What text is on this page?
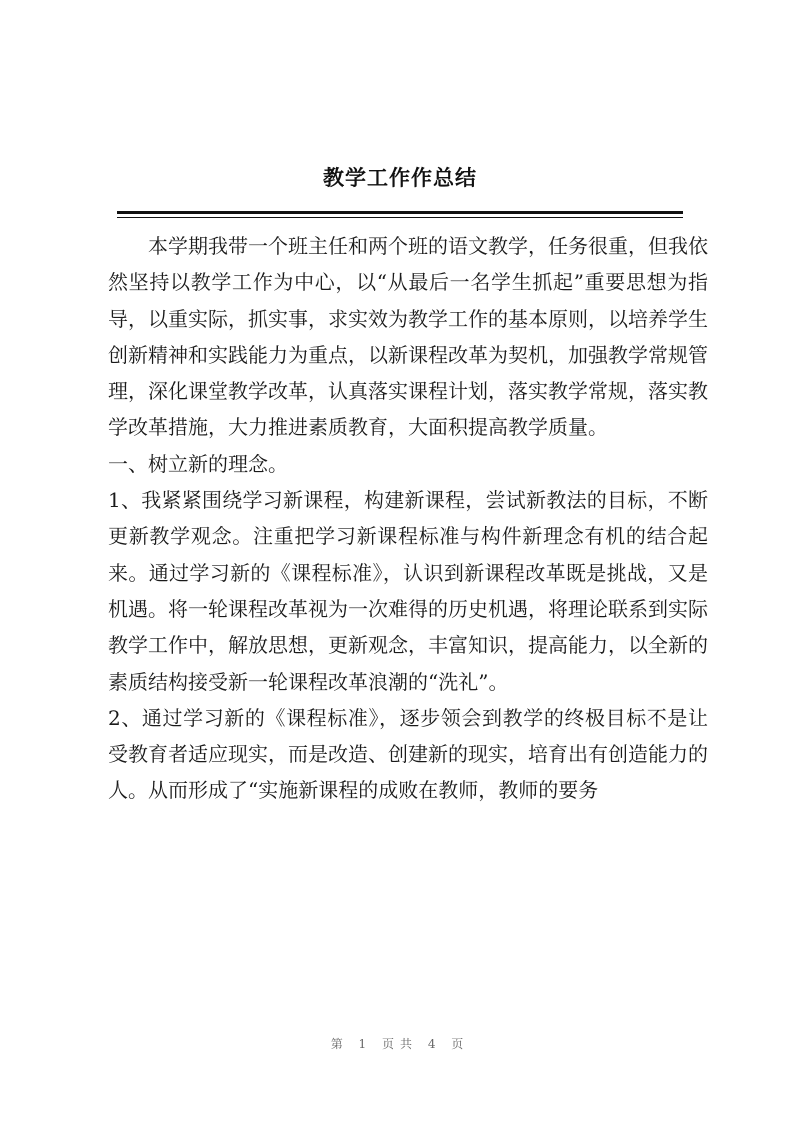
教学工作作总结

本学期我带一个班主任和两个班的语文教学，任务很重，但我依然坚持以教学工作为中心，以“从最后一名学生抓起”重要思想为指导，以重实际，抓实事，求实效为教学工作的基本原则，以培养学生创新精神和实践能力为重点，以新课程改革为契机，加强教学常规管理，深化课堂教学改革，认真落实课程计划，落实教学常规，落实教学改革措施，大力推进素质教育，大面积提高教学质量。

一、树立新的理念。

1、我紧紧围绕学习新课程，构建新课程，尝试新教法的目标，不断更新教学观念。注重把学习新课程标准与构件新理念有机的结合起来。通过学习新的《课程标准》，认识到新课程改革既是挑战，又是机遇。将一轮课程改革视为一次难得的历史机遇，将理论联系到实际教学工作中，解放思想，更新观念，丰富知识，提高能力，以全新的素质结构接受新一轮课程改革浪潮的“洗礼”。

2、通过学习新的《课程标准》，逐步领会到教学的终极目标不是让受教育者适应现实，而是改造、创建新的现实，培育出有创造能力的人。从而形成了“实施新课程的成败在教师，教师的要务

第 1 页共 4 页
